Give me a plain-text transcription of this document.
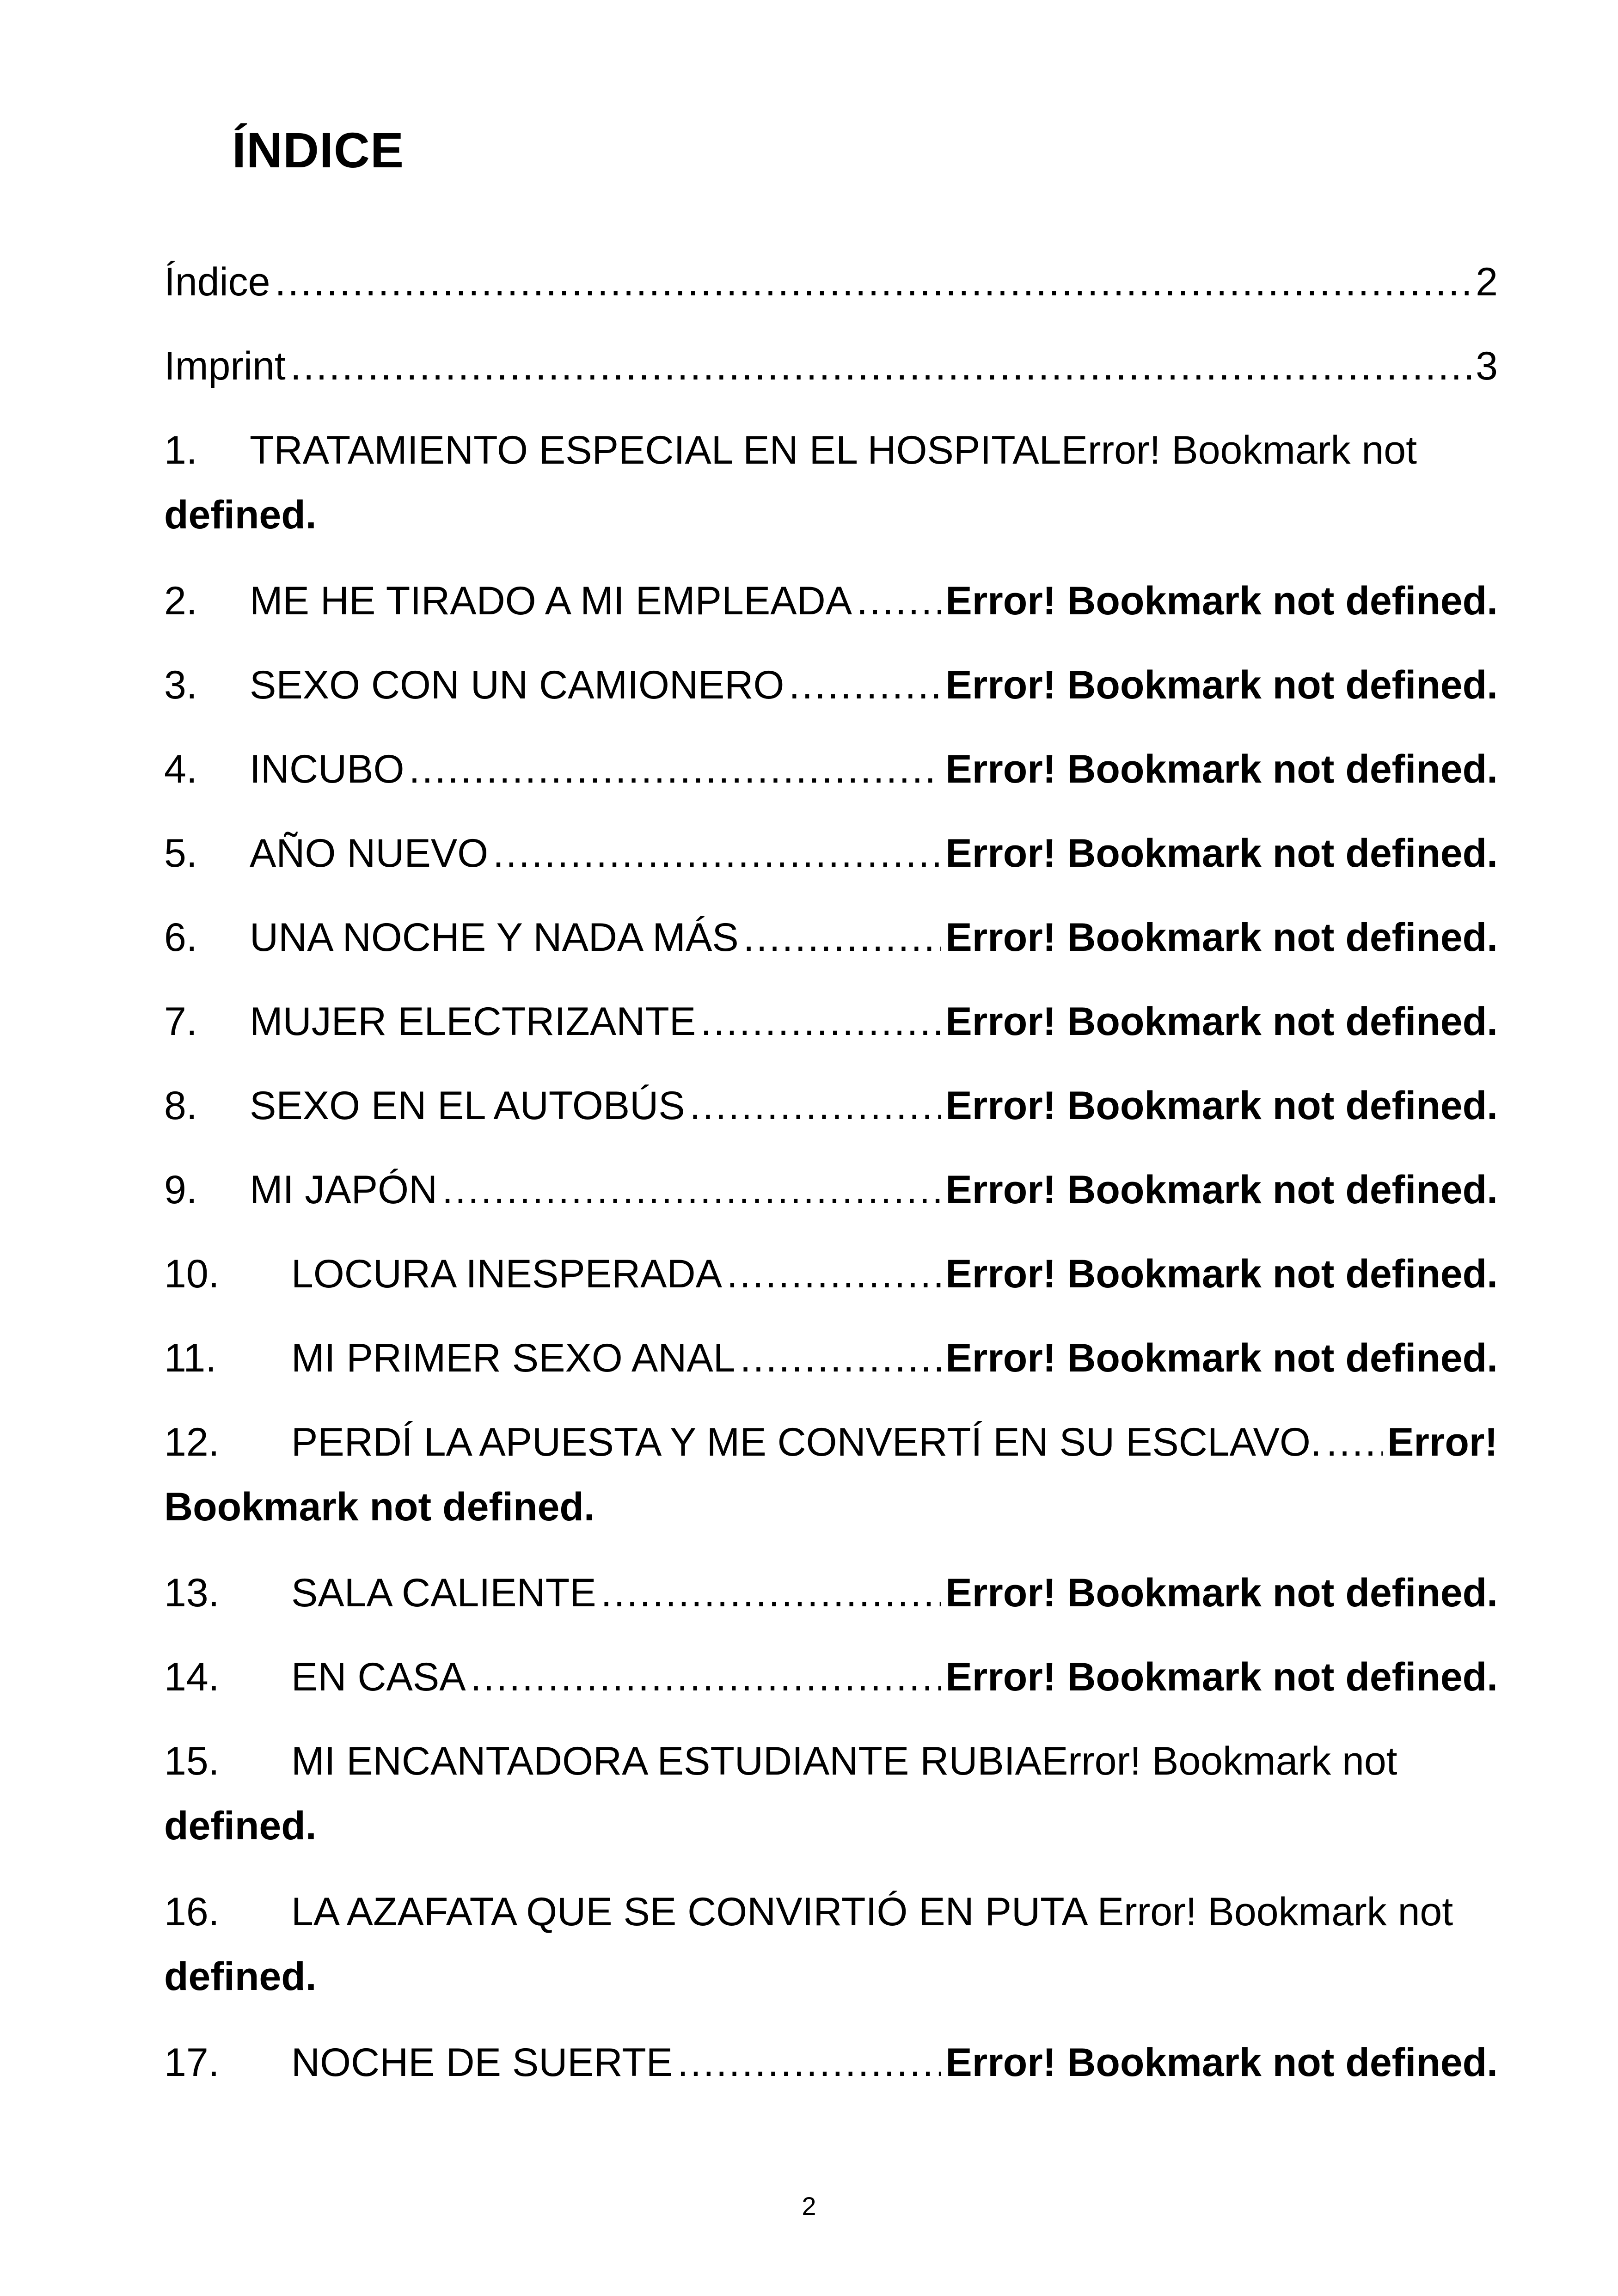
ÍNDICE
Índice .....	2
Imprint .....	3
1.	TRATAMIENTO ESPECIAL EN EL HOSPITAL Error! Bookmark not
defined.
2.	ME HE TIRADO A MI EMPLEADA ..... Error! Bookmark not defined.
3.	SEXO CON UN CAMIONERO .....	Error! Bookmark not defined.
4.	INCUBO .....	Error! Bookmark not defined.
5.	AÑO NUEVO .....	Error! Bookmark not defined.
6.	UNA NOCHE Y NADA MÁS .....	Error! Bookmark not defined.
7.	MUJER ELECTRIZANTE .....	Error! Bookmark not defined.
8.	SEXO EN EL AUTOBÚS .....	Error! Bookmark not defined.
9.	MI JAPÓN .....	Error! Bookmark not defined.
10.	LOCURA INESPERADA .....	Error! Bookmark not defined.
11.	MI PRIMER SEXO ANAL .....	Error! Bookmark not defined.
12.	PERDÍ LA APUESTA Y ME CONVERTÍ EN SU ESCLAVO. ..... Error!
Bookmark not defined.
13.	SALA CALIENTE .....	Error! Bookmark not defined.
14.	EN CASA .....	Error! Bookmark not defined.
15.	MI ENCANTADORA ESTUDIANTE RUBIA Error! Bookmark not
defined.
16.	LA AZAFATA QUE SE CONVIRTIÓ EN PUTA Error! Bookmark not
defined.
17.	NOCHE DE SUERTE .....	Error! Bookmark not defined.
2
